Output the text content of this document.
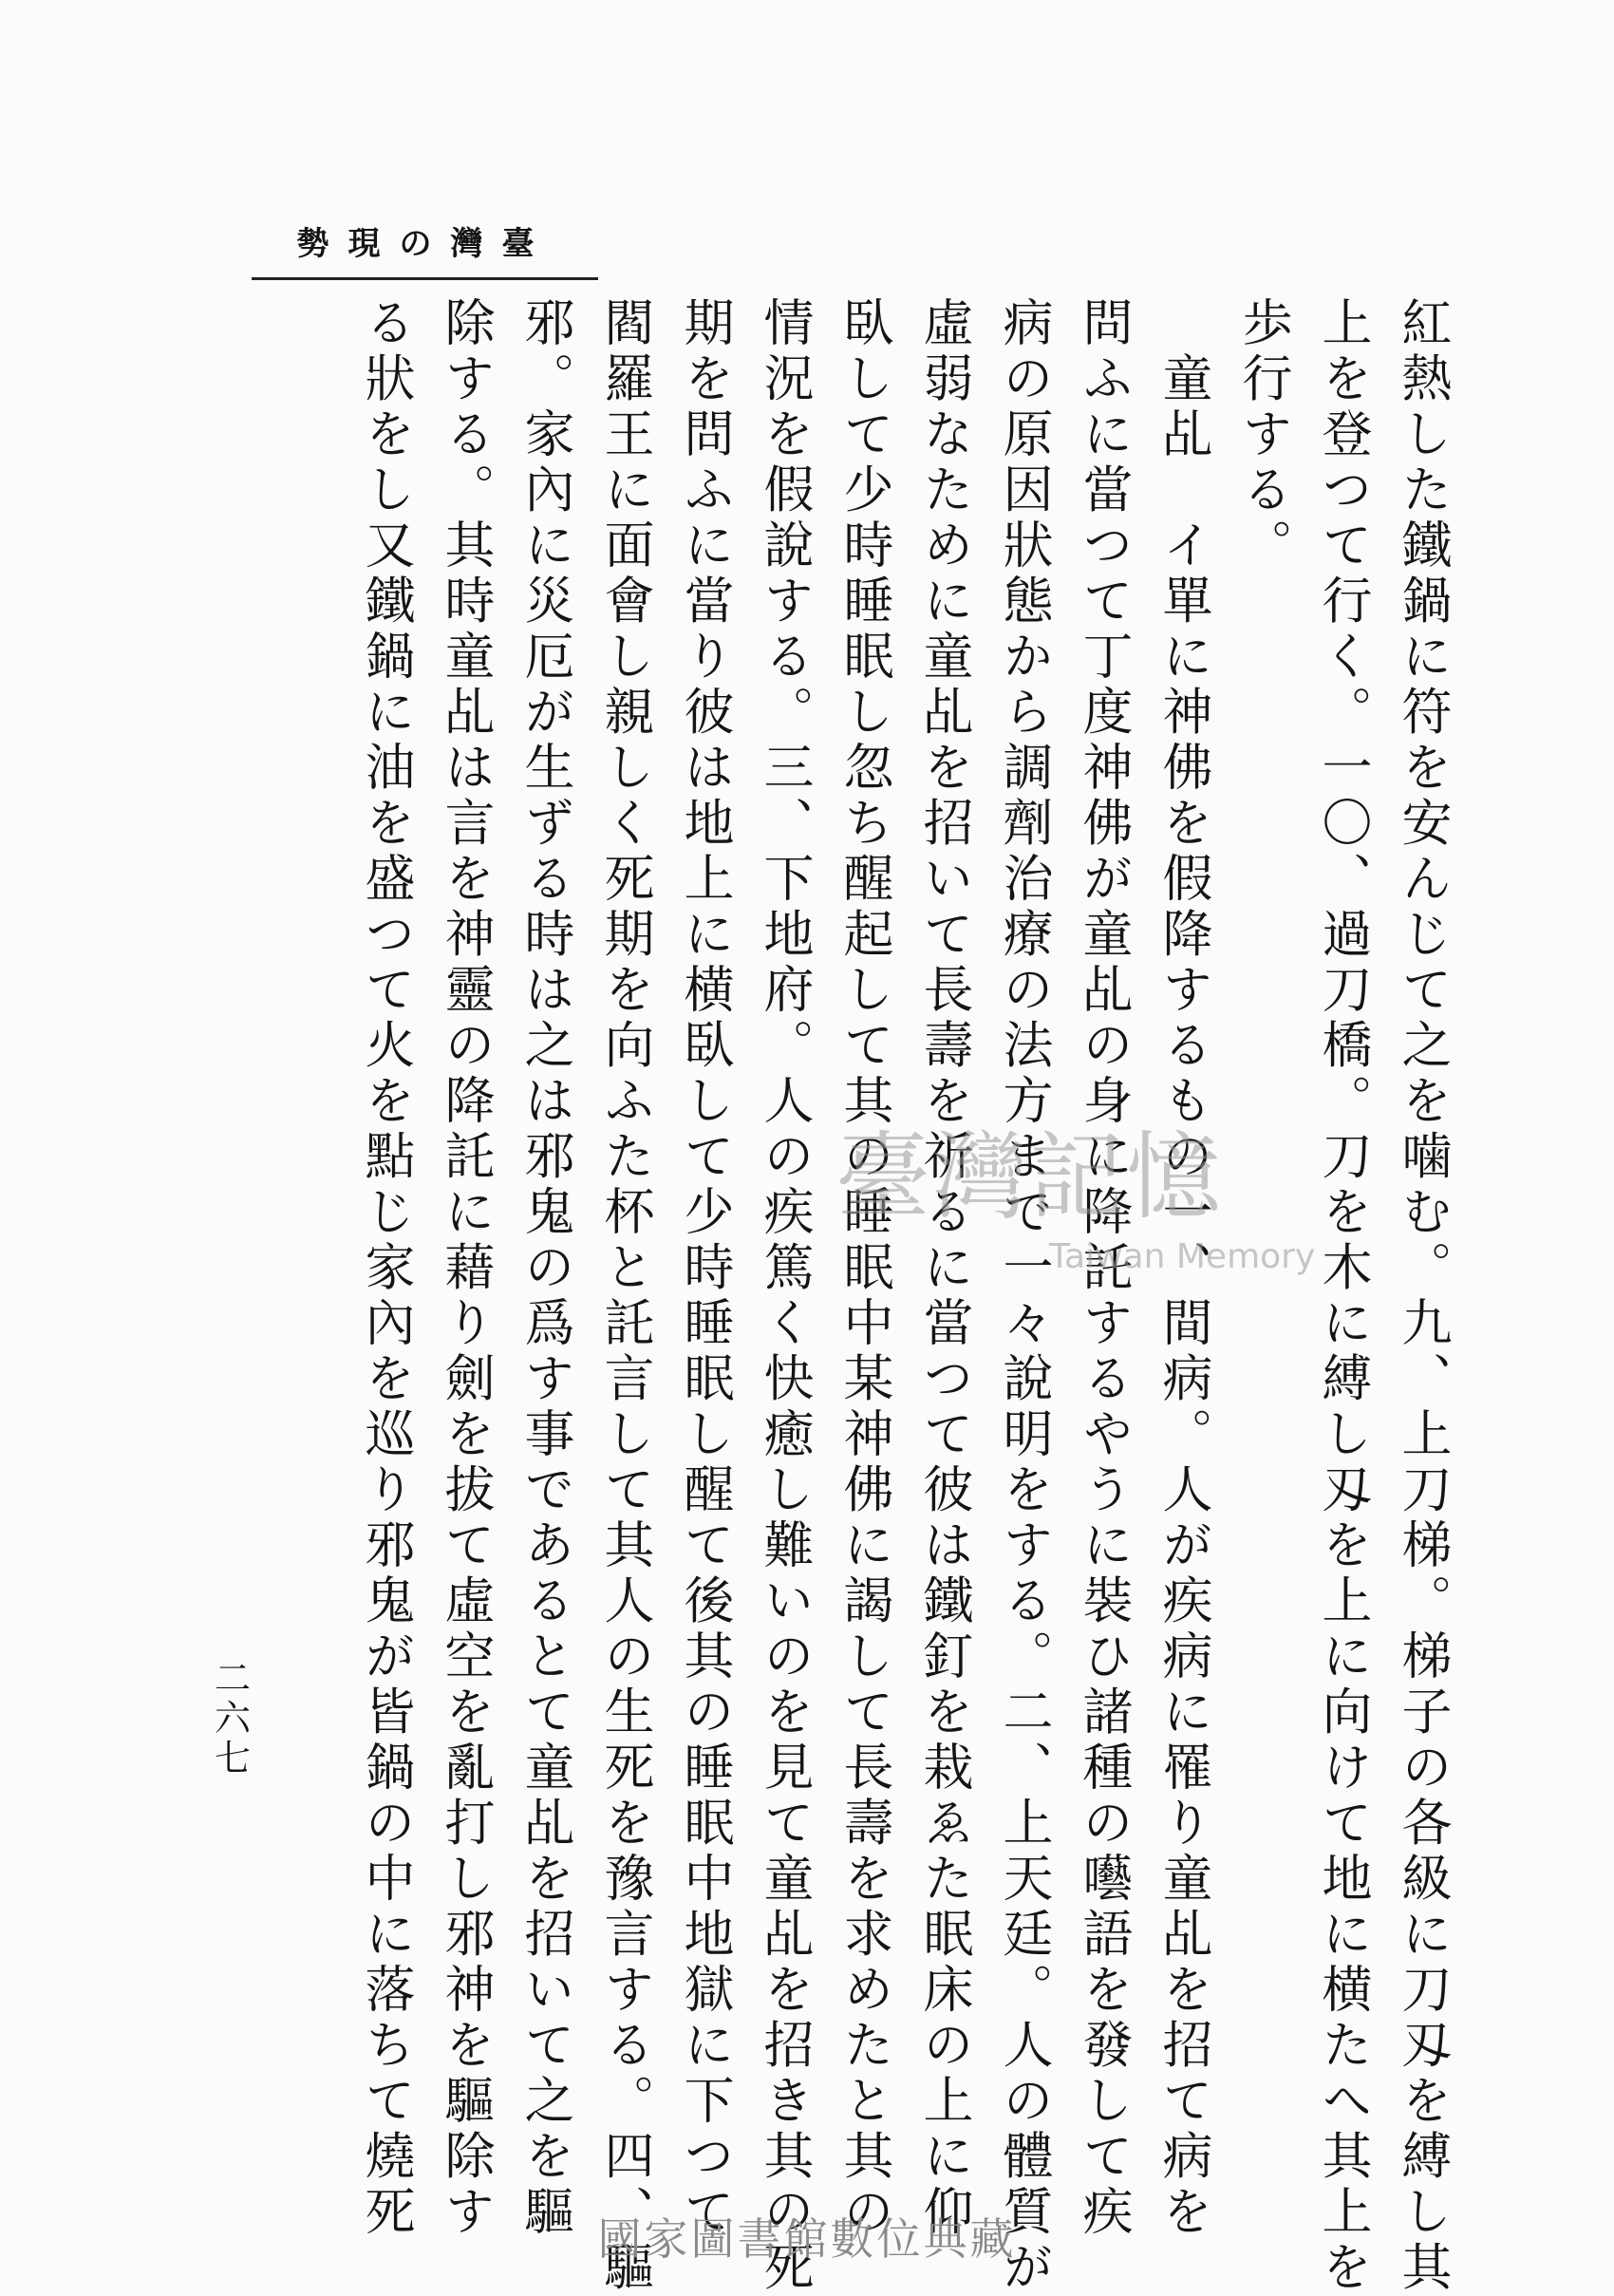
臺灣の現勢
紅熱した鐵鍋に符を安んじて之を噛む。九、上刀梯。梯子の各級に刀刄を縛し其
上を登つて行く。一〇、過刀橋。刀を木に縛し刄を上に向けて地に横たへ其上を
歩行する。
　童乩　イ單に神佛を假降するもの一、間病。人が疾病に罹り童乩を招て病を
問ふに當つて丁度神佛が童乩の身に降託するやうに裝ひ諸種の囈語を發して疾
病の原因狀態から調劑治療の法方まで一々說明をする。二、上天廷。人の體質が
虛弱なために童乩を招いて長壽を祈るに當つて彼は鐵釘を栽ゑた眠床の上に仰
臥して少時睡眠し忽ち醒起して其の睡眠中某神佛に謁して長壽を求めたと其の
情況を假說する。三、下地府。人の疾篤く快癒し難いのを見て童乩を招き其の死
期を問ふに當り彼は地上に横臥して少時睡眠し醒て後其の睡眠中地獄に下つて
閻羅王に面會し親しく死期を向ふた杯と託言して其人の生死を豫言する。四、驅
邪。家內に災厄が生ずる時は之は邪鬼の爲す事であるとて童乩を招いて之を驅
除する。其時童乩は言を神靈の降託に藉り劍を拔て虛空を亂打し邪神を驅除す
る狀をし又鐵鍋に油を盛つて火を點じ家內を巡り邪鬼が皆鍋の中に落ちて燒死
二六七
臺灣記憶
Taiwan Memory
國家圖書館數位典藏
